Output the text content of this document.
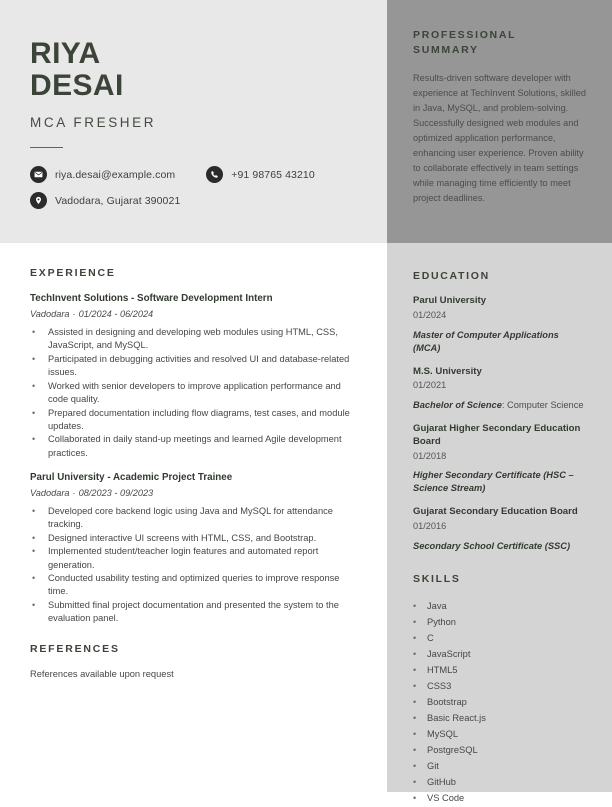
RIYA
DESAI
MCA FRESHER
riya.desai@example.com	+91 98765 43210
Vadodara, Gujarat 390021
PROFESSIONAL
SUMMARY
Results-driven software developer with experience at TechInvent Solutions, skilled in Java, MySQL, and problem-solving. Successfully designed web modules and optimized application performance, enhancing user experience. Proven ability to collaborate effectively in team settings while managing time efficiently to meet project deadlines.
EDUCATION
Parul University
01/2024
Master of Computer Applications (MCA)
M.S. University
01/2021
Bachelor of Science: Computer Science
Gujarat Higher Secondary Education Board
01/2018
Higher Secondary Certificate (HSC – Science Stream)
Gujarat Secondary Education Board
01/2016
Secondary School Certificate (SSC)
SKILLS
•	Java
•	Python
•	C
•	JavaScript
•	HTML5
•	CSS3
•	Bootstrap
•	Basic React.js
•	MySQL
•	PostgreSQL
•	Git
•	GitHub
•	VS Code
EXPERIENCE
TechInvent Solutions - Software Development Intern
Vadodara · 01/2024 - 06/2024
•	Assisted in designing and developing web modules using HTML, CSS, JavaScript, and MySQL.
•	Participated in debugging activities and resolved UI and database-related issues.
•	Worked with senior developers to improve application performance and code quality.
•	Prepared documentation including flow diagrams, test cases, and module updates.
•	Collaborated in daily stand-up meetings and learned Agile development practices.
Parul University - Academic Project Trainee
Vadodara · 08/2023 - 09/2023
•	Developed core backend logic using Java and MySQL for attendance tracking.
•	Designed interactive UI screens with HTML, CSS, and Bootstrap.
•	Implemented student/teacher login features and automated report generation.
•	Conducted usability testing and optimized queries to improve response time.
•	Submitted final project documentation and presented the system to the evaluation panel.
REFERENCES
References available upon request
